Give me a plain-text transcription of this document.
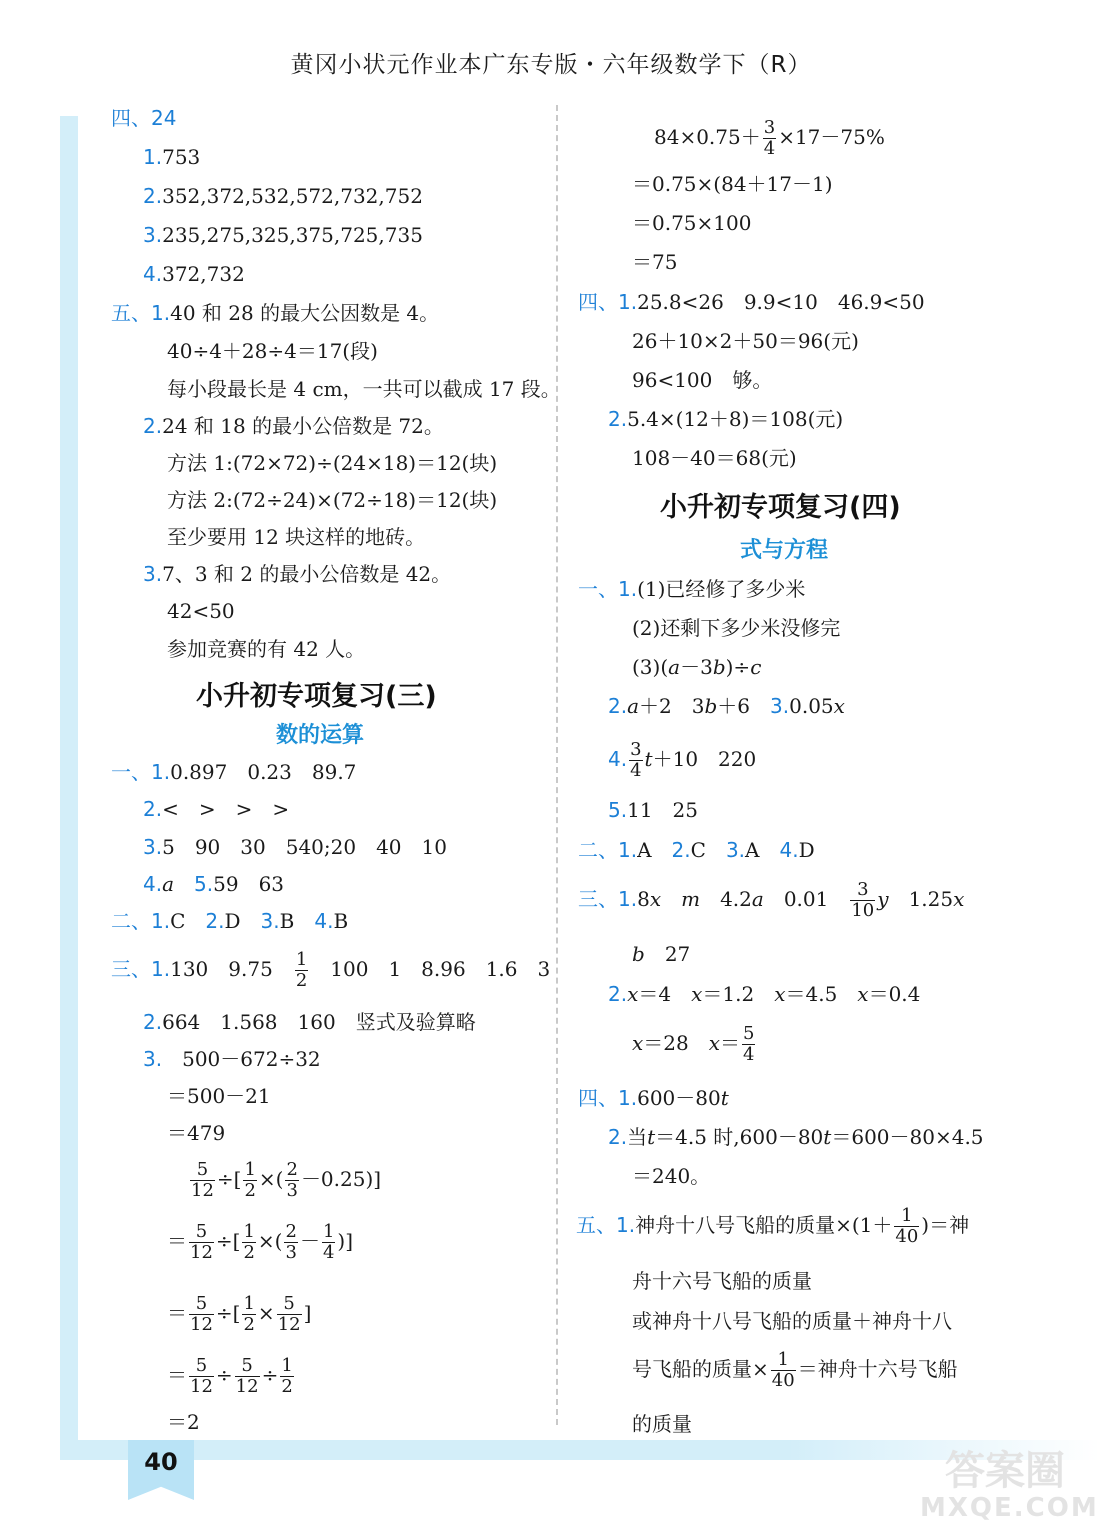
40
黄冈小状元作业本广东专版・六年级数学下（R）
四、24
1.753
2.352,372,532,572,732,752
3.235,275,325,375,725,735
4.372,732
五、1.40 和 28 的最大公因数是 4。
40÷4＋28÷4＝17(段)
每小段最长是 4 cm，一共可以截成 17 段。
2.24 和 18 的最小公倍数是 72。
方法 1:(72×72)÷(24×18)＝12(块)
方法 2:(72÷24)×(72÷18)＝12(块)
至少要用 12 块这样的地砖。
3.7、3 和 2 的最小公倍数是 42。
42<50
参加竞赛的有 42 人。
小升初专项复习(三)
数的运算
一、1.0.897　0.23　89.7
2.<　>　>　>
3.5　90　30　540;20　40　10
4.a　 5.59　63
二、1.C　 2.D　 3.B　 4.B
三、1.130　9.75　 $\frac{1}{2}$
　 100　1　8.96　1.6　3
2.664　1.568　160　竖式及验算略
3.　 500－672÷32
＝500－21
＝479
$\frac{5}{12}$ ÷[ $\frac{1}{2}$ ×( $\frac{2}{3} -0.25$)]
＝ $\frac{5}{12}$ ÷[ $\frac{1}{2}$ ×( $\frac{2}{3} - \frac{1}{4}$ )]
＝ $\frac{5}{12}$ ÷[ $\frac{1}{2} \times \frac{5}{12}$ ]
＝ $\frac{5}{12} \div \frac{5}{12} \div \frac{1}{2}$
＝2
$84\times 0.75+ \frac{3}{4} \times 17-75\%$
＝0.75×(84＋17－1)
＝0.75×100
＝75
四、1.25.8<26　9.9<10　46.9<50
26＋10×2＋50＝96(元)
96<100　够。
2.5.4×(12＋8)＝108(元)
108－40＝68(元)
小升初专项复习(四)
式与方程
一、1.(1)已经修了多少米
(2)还剩下多少米没修完
(3)(a－3b)÷c
2.a＋2　3b＋6　 3.0.05x
4. $\frac{3}{4} t+10$　220
5.11　25
二、1.A　 2.C　 3.A　 4.D
三、1.8x　 m　 4.2a　 0.01　 $\frac{3}{10}$ y　 1.25x
b　 27
2.x＝4　 x＝1.2　 x＝4.5　 x＝0.4
x＝28　 $x= \frac{5}{4}$
四、1.600－80t
2.当t＝4.5 时,600－80t＝600－80×4.5
＝240。
五、1.神舟十八号飞船的质量$\times(1+ \frac{1}{40}$ )＝神
舟十六号飞船的质量
或神舟十八号飞船的质量＋神舟十八
号飞船的质量× $\frac{1}{40}$ ＝神舟十六号飞船
的质量
答案圈
MXQE.COM
